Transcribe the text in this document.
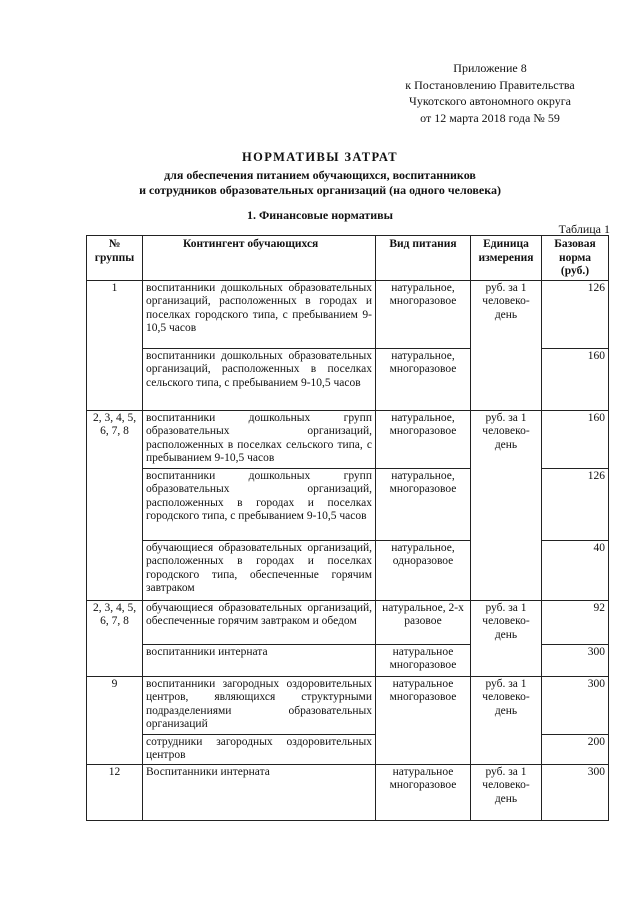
Приложение 8
к Постановлению Правительства
Чукотского автономного округа
от 12 марта 2018 года № 59
НОРМАТИВЫ ЗАТРАТ
для обеспечения питанием обучающихся, воспитанников
и сотрудников образовательных организаций (на одного человека)
1. Финансовые нормативы
Таблица 1
№ группы	Контингент обучающихся	Вид питания	Единица измерения	Базовая норма (руб.)
1	воспитанники дошкольных образовательных организаций, расположенных в городах и поселках городского типа, с пребыванием 9-10,5 часов	натуральное, многоразовое	руб. за 1 человеко-день	126
	воспитанники дошкольных образовательных организаций, расположенных в поселках сельского типа, с пребыванием 9-10,5 часов	натуральное, многоразовое		160
2, 3, 4, 5, 6, 7, 8	воспитанники дошкольных групп образовательных организаций, расположенных в поселках сельского типа, с пребыванием 9-10,5 часов	натуральное, многоразовое	руб. за 1 человеко-день	160
	воспитанники дошкольных групп образовательных организаций, расположенных в городах и поселках городского типа, с пребыванием 9-10,5 часов	натуральное, многоразовое		126
	обучающиеся образовательных организаций, расположенных в городах и поселках городского типа, обеспеченные горячим завтраком	натуральное, одноразовое		40
2, 3, 4, 5, 6, 7, 8	обучающиеся образовательных организаций, обеспеченные горячим завтраком и обедом	натуральное, 2-х разовое	руб. за 1 человеко-день	92
	воспитанники интерната	натуральное многоразовое		300
9	воспитанники загородных оздоровительных центров, являющихся структурными подразделениями образовательных организаций	натуральное многоразовое	руб. за 1 человеко-день	300
	сотрудники загородных оздоровительных центров			200
12	Воспитанники интерната	натуральное многоразовое	руб. за 1 человеко-день	300
